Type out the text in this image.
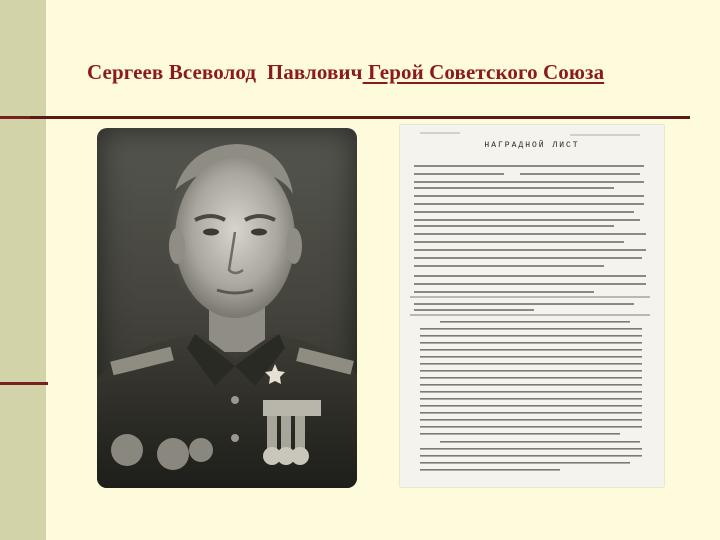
Сергеев Всеволод  Павлович Герой Советского Союза
НАГРАДНОЙ ЛИСТ
